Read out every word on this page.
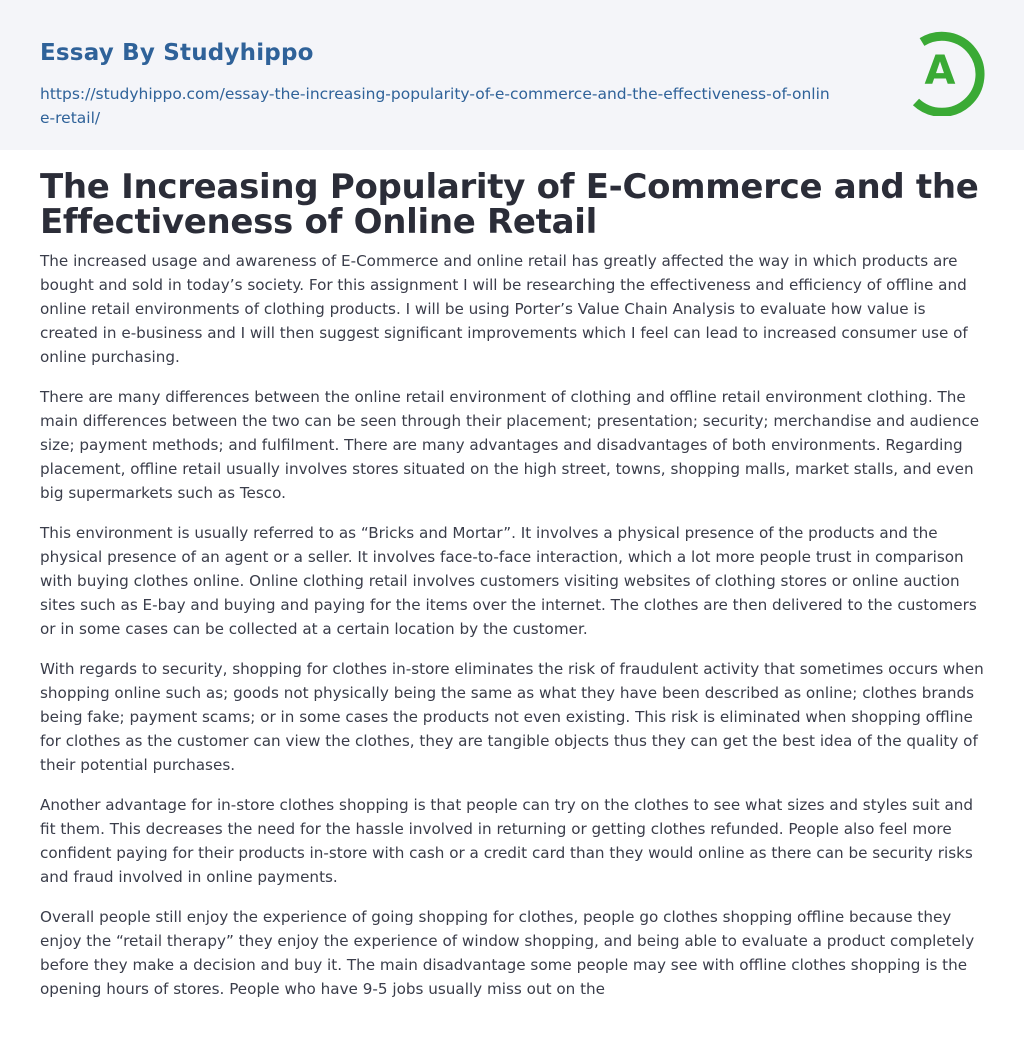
Essay By Studyhippo
https://studyhippo.com/essay-the-increasing-popularity-of-e-commerce-and-the-effectiveness-of-online-retail/
A
The Increasing Popularity of E-Commerce and the Effectiveness of Online Retail

The increased usage and awareness of E-Commerce and online retail has greatly affected the way in which products are bought and sold in today’s society. For this assignment I will be researching the effectiveness and efficiency of offline and online retail environments of clothing products. I will be using Porter’s Value Chain Analysis to evaluate how value is created in e-business and I will then suggest significant improvements which I feel can lead to increased consumer use of online purchasing.

There are many differences between the online retail environment of clothing and offline retail environment clothing. The main differences between the two can be seen through their placement; presentation; security; merchandise and audience size; payment methods; and fulfilment. There are many advantages and disadvantages of both environments. Regarding placement, offline retail usually involves stores situated on the high street, towns, shopping malls, market stalls, and even big supermarkets such as Tesco.

This environment is usually referred to as “Bricks and Mortar”. It involves a physical presence of the products and the physical presence of an agent or a seller. It involves face-to-face interaction, which a lot more people trust in comparison with buying clothes online. Online clothing retail involves customers visiting websites of clothing stores or online auction sites such as E-bay and buying and paying for the items over the internet. The clothes are then delivered to the customers or in some cases can be collected at a certain location by the customer.

With regards to security, shopping for clothes in-store eliminates the risk of fraudulent activity that sometimes occurs when shopping online such as; goods not physically being the same as what they have been described as online; clothes brands being fake; payment scams; or in some cases the products not even existing. This risk is eliminated when shopping offline for clothes as the customer can view the clothes, they are tangible objects thus they can get the best idea of the quality of their potential purchases.

Another advantage for in-store clothes shopping is that people can try on the clothes to see what sizes and styles suit and fit them. This decreases the need for the hassle involved in returning or getting clothes refunded. People also feel more confident paying for their products in-store with cash or a credit card than they would online as there can be security risks and fraud involved in online payments.

Overall people still enjoy the experience of going shopping for clothes, people go clothes shopping offline because they enjoy the “retail therapy” they enjoy the experience of window shopping, and being able to evaluate a product completely before they make a decision and buy it. The main disadvantage some people may see with offline clothes shopping is the opening hours of stores. People who have 9-5 jobs usually miss out on the
